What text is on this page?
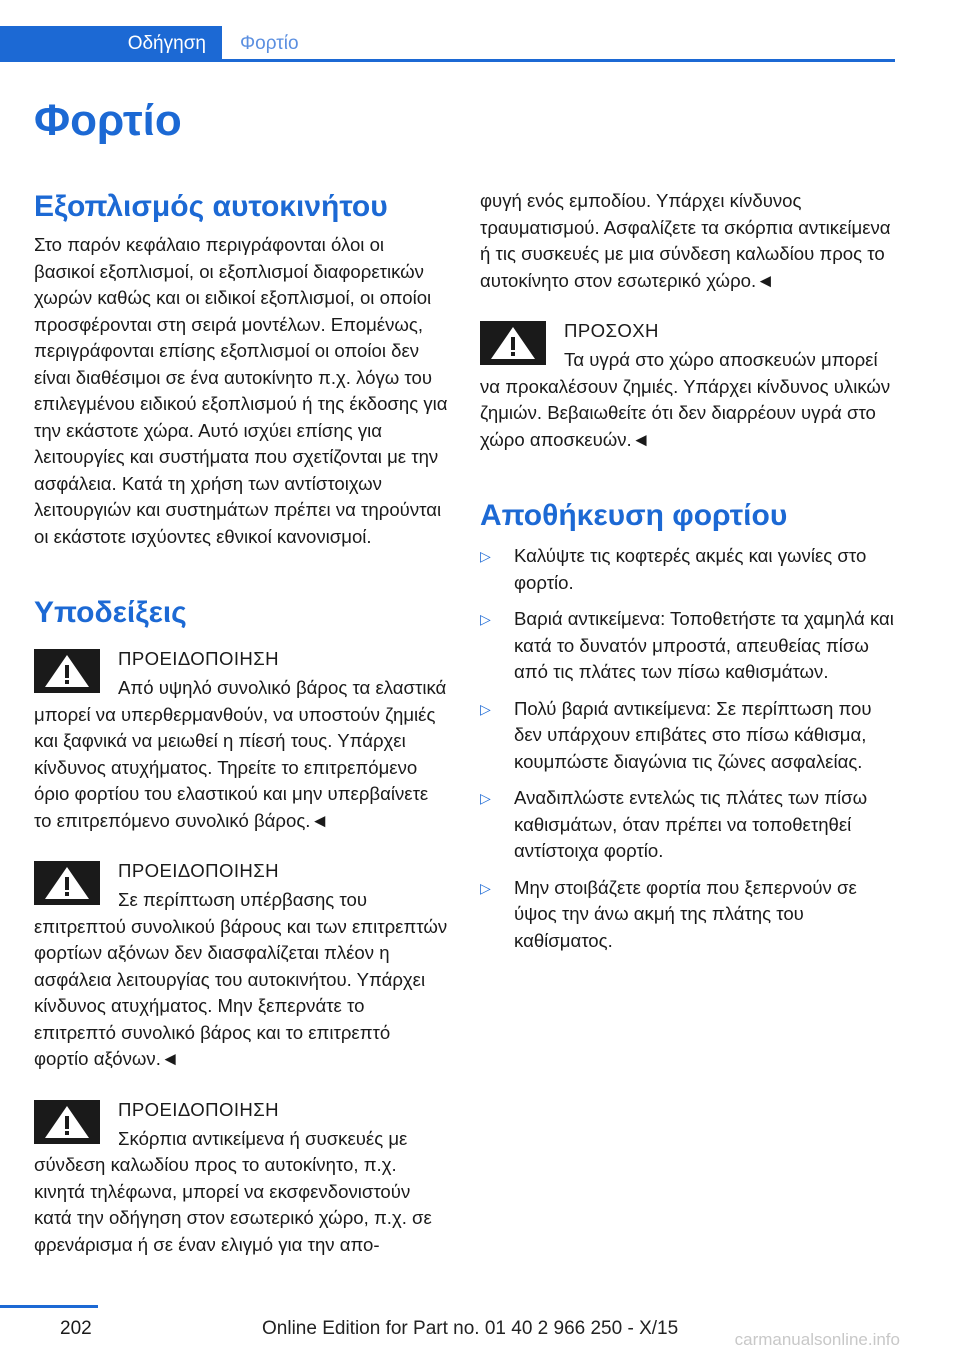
Οδήγηση	Φορτίο
Φορτίο
Εξοπλισμός αυτοκινήτου

Στο παρόν κεφάλαιο περιγράφονται όλοι οι βασικοί εξοπλισμοί, οι εξοπλισμοί διαφορετικών χωρών καθώς και οι ειδικοί εξοπλισμοί, οι οποίοι προσφέρονται στη σειρά μοντέλων. Επομένως, περιγράφονται επίσης εξοπλισμοί οι οποίοι δεν είναι διαθέσιμοι σε ένα αυτοκίνητο π.χ. λόγω του επιλεγμένου ειδικού εξοπλισμού ή της έκδοσης για την εκάστοτε χώρα. Αυτό ισχύει επίσης για λειτουργίες και συστήματα που σχετίζονται με την ασφάλεια. Κατά τη χρήση των αντίστοιχων λειτουργιών και συστημάτων πρέπει να τηρούνται οι εκάστοτε ισχύοντες εθνικοί κανονισμοί.

Υποδείξεις
ΠΡΟΕΙΔΟΠΟΙΗΣΗ

Από υψηλό συνολικό βάρος τα ελαστικά μπορεί να υπερθερμανθούν, να υποστούν ζημιές και ξαφνικά να μειωθεί η πίεσή τους. Υπάρχει κίνδυνος ατυχήματος. Τηρείτε το επιτρεπόμενο όριο φορτίου του ελαστικού και μην υπερβαίνετε το επιτρεπόμενο συνολικό βάρος.◄

ΠΡΟΕΙΔΟΠΟΙΗΣΗ

Σε περίπτωση υπέρβασης του επιτρεπτού συνολικού βάρους και των επιτρεπτών φορτίων αξόνων δεν διασφαλίζεται πλέον η ασφάλεια λειτουργίας του αυτοκινήτου. Υπάρχει κίνδυνος ατυχήματος. Μην ξεπερνάτε το επιτρεπτό συνολικό βάρος και το επιτρεπτό φορτίο αξόνων.◄

ΠΡΟΕΙΔΟΠΟΙΗΣΗ

Σκόρπια αντικείμενα ή συσκευές με σύνδεση καλωδίου προς το αυτοκίνητο, π.χ. κινητά τηλέφωνα, μπορεί να εκσφενδονιστούν κατά την οδήγηση στον εσωτερικό χώρο, π.χ. σε φρενάρισμα ή σε έναν ελιγμό για την απο-

φυγή ενός εμποδίου. Υπάρχει κίνδυνος τραυματισμού. Ασφαλίζετε τα σκόρπια αντικείμενα ή τις συσκευές με μια σύνδεση καλωδίου προς το αυτοκίνητο στον εσωτερικό χώρο.◄

ΠΡΟΣΟΧΗ

Τα υγρά στο χώρο αποσκευών μπορεί να προκαλέσουν ζημιές. Υπάρχει κίνδυνος υλικών ζημιών. Βεβαιωθείτε ότι δεν διαρρέουν υγρά στο χώρο αποσκευών.◄

Αποθήκευση φορτίου
▷ Καλύψτε τις κοφτερές ακμές και γωνίες στο φορτίο.
▷ Βαριά αντικείμενα: Τοποθετήστε τα χαμηλά και κατά το δυνατόν μπροστά, απευθείας πίσω από τις πλάτες των πίσω καθισμάτων.
▷ Πολύ βαριά αντικείμενα: Σε περίπτωση που δεν υπάρχουν επιβάτες στο πίσω κάθισμα, κουμπώστε διαγώνια τις ζώνες ασφαλείας.
▷ Αναδιπλώστε εντελώς τις πλάτες των πίσω καθισμάτων, όταν πρέπει να τοποθετηθεί αντίστοιχα φορτίο.
▷ Μην στοιβάζετε φορτία που ξεπερνούν σε ύψος την άνω ακμή της πλάτης του καθίσματος.
202	Online Edition for Part no. 01 40 2 966 250 - X/15
carmanualsonline.info
